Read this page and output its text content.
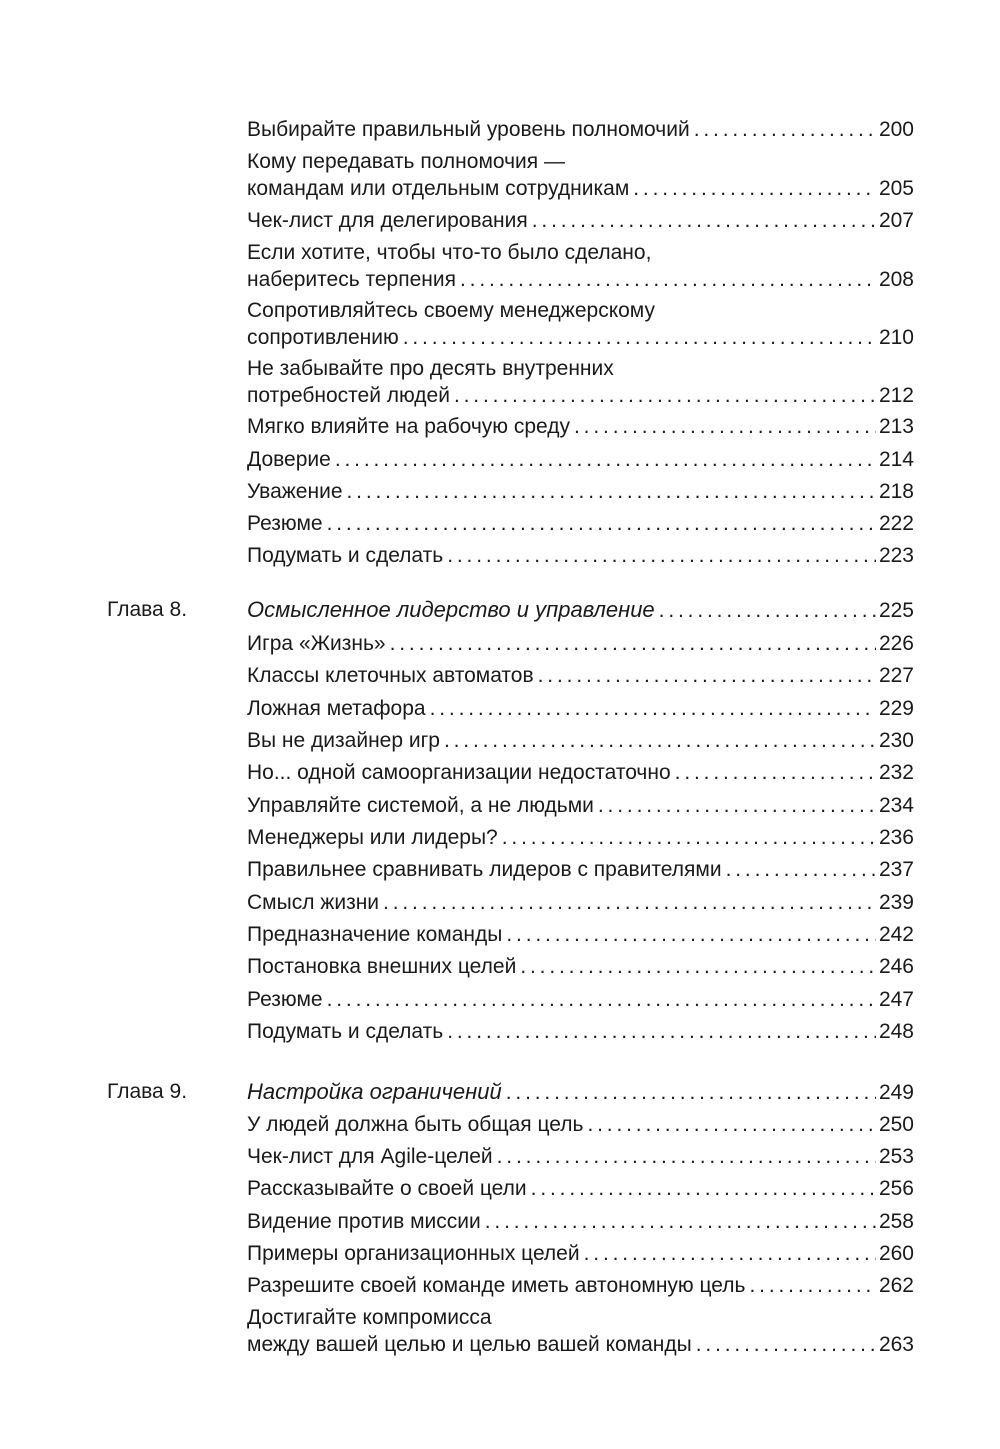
Выбирайте правильный уровень полномочий . . .	200
Кому передавать полномочия —
командам или отдельным сотрудникам . . .	205
Чек-лист для делегирования . . .	207
Если хотите, чтобы что-то было сделано,
наберитесь терпения . . .	208
Сопротивляйтесь своему менеджерскому
сопротивлению . . .	210
Не забывайте про десять внутренних
потребностей людей . . .	212
Мягко влияйте на рабочую среду . . .	213
Доверие . . .	214
Уважение . . .	218
Резюме . . .	222
Подумать и сделать . . .	223
Глава 8.	Осмысленное лидерство и управление . . .	225
Игра «Жизнь» . . .	226
Классы клеточных автоматов . . .	227
Ложная метафора . . .	229
Вы не дизайнер игр . . .	230
Но... одной самоорганизации недостаточно . . .	232
Управляйте системой, а не людьми . . .	234
Менеджеры или лидеры? . . .	236
Правильнее сравнивать лидеров с правителями . . .	237
Смысл жизни . . .	239
Предназначение команды . . .	242
Постановка внешних целей . . .	246
Резюме . . .	247
Подумать и сделать . . .	248
Глава 9.	Настройка ограничений . . .	249
У людей должна быть общая цель . . .	250
Чек-лист для Agile-целей . . .	253
Рассказывайте о своей цели . . .	256
Видение против миссии . . .	258
Примеры организационных целей . . .	260
Разрешите своей команде иметь автономную цель . . .	262
Достигайте компромисса
между вашей целью и целью вашей команды . . .	263
